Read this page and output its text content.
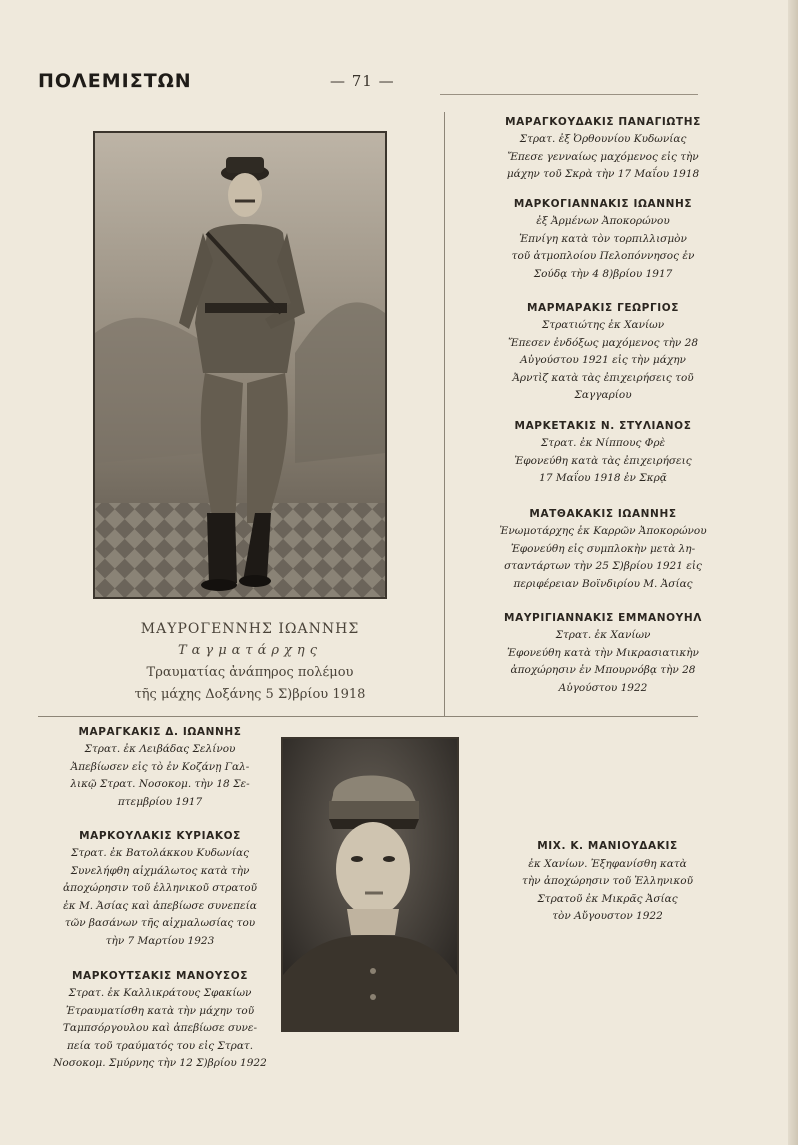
ΠΟΛΕΜΙΣΤΩΝ	— 71 —
ΜΑΥΡΟΓΕΝΝΗΣ ΙΩΑΝΝΗΣ
Ταγματάρχης
Τραυματίας ἀνάπηρος πολέμου
τῆς μάχης Δοξάνης 5 Σ)βρίου 1918
ΜΑΡΑΓΚΟΥΔΑΚΙΣ ΠΑΝΑΓΙΩΤΗΣ
Στρατ. ἐξ Ὀρθουνίου Κυδωνίας
Ἔπεσε γενναίως μαχόμενος εἰς τὴν
μάχην τοῦ Σκρὰ τὴν 17 Μαΐου 1918
ΜΑΡΚΟΓΙΑΝΝΑΚΙΣ ΙΩΑΝΝΗΣ
ἐξ Ἀρμένων Ἀποκορώνου
Ἐπνίγη κατὰ τὸν τορπιλλισμὸν
τοῦ ἀτμοπλοίου Πελοπόννησος ἐν
Σούδᾳ τὴν 4 8)βρίου 1917
ΜΑΡΜΑΡΑΚΙΣ ΓΕΩΡΓΙΟΣ
Στρατιώτης ἐκ Χανίων
Ἔπεσεν ἐνδόξως μαχόμενος τὴν 28
Αὐγούστου 1921 εἰς τὴν μάχην
Ἀρντὶζ κατὰ τὰς ἐπιχειρήσεις τοῦ
Σαγγαρίου
ΜΑΡΚΕΤΑΚΙΣ Ν. ΣΤΥΛΙΑΝΟΣ
Στρατ. ἐκ Νίππους Φρὲ
Ἐφονεύθη κατὰ τὰς ἐπιχειρήσεις
17 Μαΐου 1918 ἐν Σκρᾷ
ΜΑΤΘΑΚΑΚΙΣ ΙΩΑΝΝΗΣ
Ἐνωμοτάρχης ἐκ Καρρῶν Ἀποκορώνου
Ἐφονεύθη εἰς συμπλοκὴν μετὰ λη-
σταντάρτων τὴν 25 Σ)βρίου 1921 εἰς
περιφέρειαν Βοϊνδιρίου Μ. Ἀσίας
ΜΑΥΡΙΓΙΑΝΝΑΚΙΣ ΕΜΜΑΝΟΥΗΛ
Στρατ. ἐκ Χανίων
Ἐφονεύθη κατὰ τὴν Μικρασιατικὴν
ἀποχώρησιν ἐν Μπουρνόβᾳ τὴν 28
Αὐγούστου 1922
ΜΑΡΑΓΚΑΚΙΣ Δ. ΙΩΑΝΝΗΣ
Στρατ. ἐκ Λειβάδας Σελίνου
Ἀπεβίωσεν εἰς τὸ ἐν Κοζάνῃ Γαλ-
λικῷ Στρατ. Νοσοκομ. τὴν 18 Σε-
πτεμβρίου 1917
ΜΑΡΚΟΥΛΑΚΙΣ ΚΥΡΙΑΚΟΣ
Στρατ. ἐκ Βατολάκκου Κυδωνίας
Συνελήφθη αἰχμάλωτος κατὰ τὴν
ἀποχώρησιν τοῦ ἑλληνικοῦ στρατοῦ
ἐκ Μ. Ἀσίας καὶ ἀπεβίωσε συνεπεία
τῶν βασάνων τῆς αἰχμαλωσίας του
τὴν 7 Μαρτίου 1923
ΜΑΡΚΟΥΤΣΑΚΙΣ ΜΑΝΟΥΣΟΣ
Στρατ. ἐκ Καλλικράτους Σφακίων
Ἐτραυματίσθη κατὰ τὴν μάχην τοῦ
Ταμπσόργουλου καὶ ἀπεβίωσε συνε-
πεία τοῦ τραύματός του εἰς Στρατ.
Νοσοκομ. Σμύρνης τὴν 12 Σ)βρίου 1922
ΜΙΧ. Κ. ΜΑΝΙΟΥΔΑΚΙΣ
ἐκ Χανίων. Ἐξηφανίσθη κατὰ
τὴν ἀποχώρησιν τοῦ Ἑλληνικοῦ
Στρατοῦ ἐκ Μικρᾶς Ἀσίας
τὸν Αὔγουστον 1922
